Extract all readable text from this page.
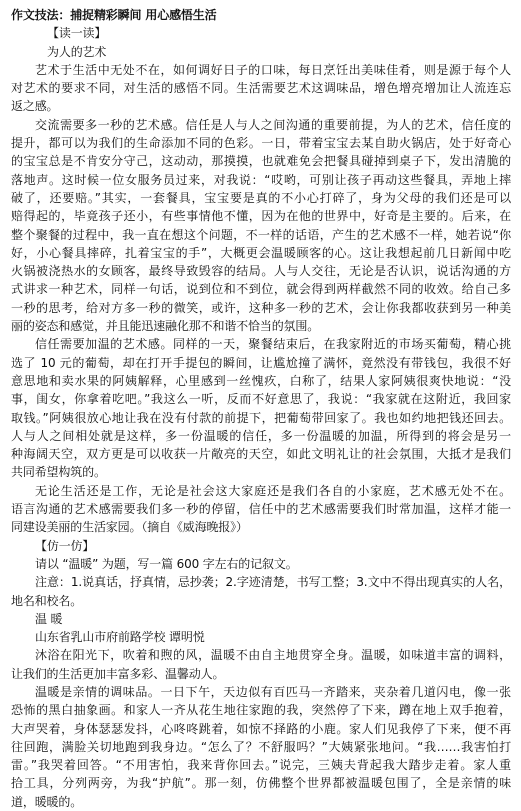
作文技法：捕捉精彩瞬间 用心感悟生活
【读一读】
为人的艺术
艺术于生活中无处不在，如何调好日子的口味，每日烹饪出美味佳肴，则是源于每个人
对艺术的要求不同，对生活的感悟不同。生活需要艺术这调味品，增色增亮增加让人流连忘
返之感。
交流需要多一秒的艺术感。信任是人与人之间沟通的重要前提，为人的艺术，信任度的
提升，都可以为我们的生命添加不同的色彩。一日，带着宝宝去某自助火锅店，处于好奇心
的宝宝总是不肯安分守己，这动动，那摸摸，也就难免会把餐具碰掉到桌子下，发出清脆的
落地声。这时候一位女服务员过来，对我说：“哎哟，可别让孩子再动这些餐具，弄地上摔
破了，还要赔。”其实，一套餐具，宝宝要是真的不小心打碎了，身为父母的我们还是可以
赔得起的，毕竟孩子还小，有些事情他不懂，因为在他的世界中，好奇是主要的。后来，在
整个聚餐的过程中，我一直在想这个问题，不一样的话语，产生的艺术感不一样，她若说“你
好，小心餐具摔碎，扎着宝宝的手”，大概更会温暖顾客的心。这让我想起前几日新闻中吃
火锅被浇热水的女顾客，最终导致毁容的结局。人与人交往，无论是否认识，说话沟通的方
式讲求一种艺术，同样一句话，说到位和不到位，就会得到两样截然不同的收效。给自己多
一秒的思考，给对方多一秒的微笑，或许，这种多一秒的艺术，会让你我都收获到另一种美
丽的姿态和感觉，并且能迅速融化那不和谐不恰当的氛围。
信任需要加温的艺术感。同样的一天，聚餐结束后，在我家附近的市场买葡萄，精心挑
选了 10 元的葡萄，却在打开手提包的瞬间，让尴尬撞了满怀，竟然没有带钱包，我很不好
意思地和卖水果的阿姨解释，心里感到一丝愧疚，白称了，结果人家阿姨很爽快地说：“没
事，闺女，你拿着吃吧。”我这么一听，反而不好意思了，我说：“我家就在这附近，我回家
取钱。”阿姨很放心地让我在没有付款的前提下，把葡萄带回家了。我也如约地把钱还回去。
人与人之间相处就是这样，多一份温暖的信任，多一份温暖的加温，所得到的将会是另一
种海阔天空，双方更是可以收获一片敞亮的天空，如此文明礼让的社会氛围，大抵才是我们
共同希望构筑的。
无论生活还是工作，无论是社会这大家庭还是我们各自的小家庭，艺术感无处不在。
语言沟通的艺术感需要我们多一秒的停留，信任中的艺术感需要我们时常加温，这样才能一
同建设美丽的生活家园。（摘自《威海晚报》）
【仿一仿】
请以 “温暖” 为题，写一篇 600 字左右的记叙文。
注意：1.说真话，抒真情，忌抄袭；2.字迹清楚，书写工整；3.文中不得出现真实的人名，
地名和校名。
温 暖
山东省乳山市府前路学校 谭明悦
沐浴在阳光下，吹着和煦的风，温暖不由自主地贯穿全身。温暖，如味道丰富的调料，
让我们的生活更加丰富多彩、温馨动人。
温暖是亲情的调味品。一日下午，天边似有百匹马一齐踏来，夹杂着几道闪电，像一张
恐怖的黑白抽象画。和家人一齐从花生地往家跑的我，突然停了下来，蹲在地上双手抱着，
大声哭着，身体瑟瑟发抖，心咚咚跳着，如惊不择路的小鹿。家人们见我停了下来，便不再
往回跑，满脸关切地跑到我身边。“怎么了？不舒服吗？”大姨紧张地问。“我……我害怕打
雷。”我哭着回答。“不用害怕，我来背你回去。”说完，三姨夫背起我大踏步走着。家人重
拾工具，分列两旁，为我“护航”。那一刻，仿佛整个世界都被温暖包围了，全是亲情的味
道，暖暖的。
